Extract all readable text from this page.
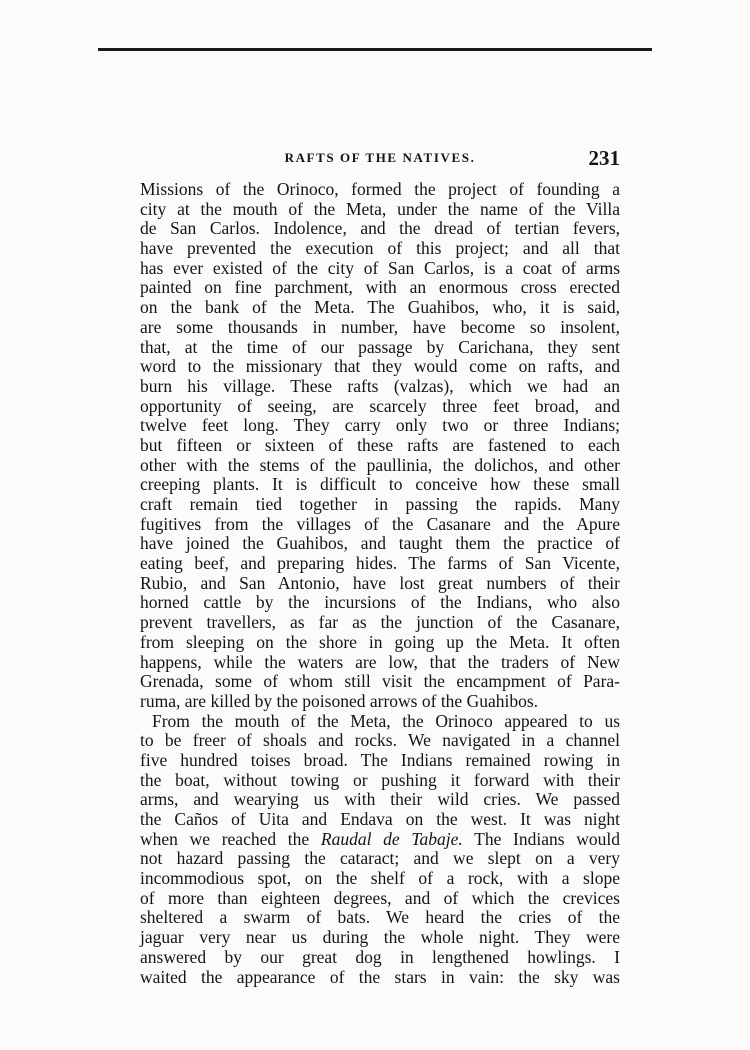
RAFTS OF THE NATIVES.	231
Missions of the Orinoco, formed the project of founding a
city at the mouth of the Meta, under the name of the Villa
de San Carlos. Indolence, and the dread of tertian fevers,
have prevented the execution of this project; and all that
has ever existed of the city of San Carlos, is a coat of arms
painted on fine parchment, with an enormous cross erected
on the bank of the Meta. The Guahibos, who, it is said,
are some thousands in number, have become so insolent,
that, at the time of our passage by Carichana, they sent
word to the missionary that they would come on rafts, and
burn his village. These rafts (valzas), which we had an
opportunity of seeing, are scarcely three feet broad, and
twelve feet long. They carry only two or three Indians;
but fifteen or sixteen of these rafts are fastened to each
other with the stems of the paullinia, the dolichos, and other
creeping plants. It is difficult to conceive how these small
craft remain tied together in passing the rapids. Many
fugitives from the villages of the Casanare and the Apure
have joined the Guahibos, and taught them the practice of
eating beef, and preparing hides. The farms of San Vicente,
Rubio, and San Antonio, have lost great numbers of their
horned cattle by the incursions of the Indians, who also
prevent travellers, as far as the junction of the Casanare,
from sleeping on the shore in going up the Meta. It often
happens, while the waters are low, that the traders of New
Grenada, some of whom still visit the encampment of Para-
ruma, are killed by the poisoned arrows of the Guahibos.
From the mouth of the Meta, the Orinoco appeared to us
to be freer of shoals and rocks. We navigated in a channel
five hundred toises broad. The Indians remained rowing in
the boat, without towing or pushing it forward with their
arms, and wearying us with their wild cries. We passed
the Caños of Uita and Endava on the west. It was night
when we reached the Raudal de Tabaje. The Indians would
not hazard passing the cataract; and we slept on a very
incommodious spot, on the shelf of a rock, with a slope
of more than eighteen degrees, and of which the crevices
sheltered a swarm of bats. We heard the cries of the
jaguar very near us during the whole night. They were
answered by our great dog in lengthened howlings. I
waited the appearance of the stars in vain: the sky was
